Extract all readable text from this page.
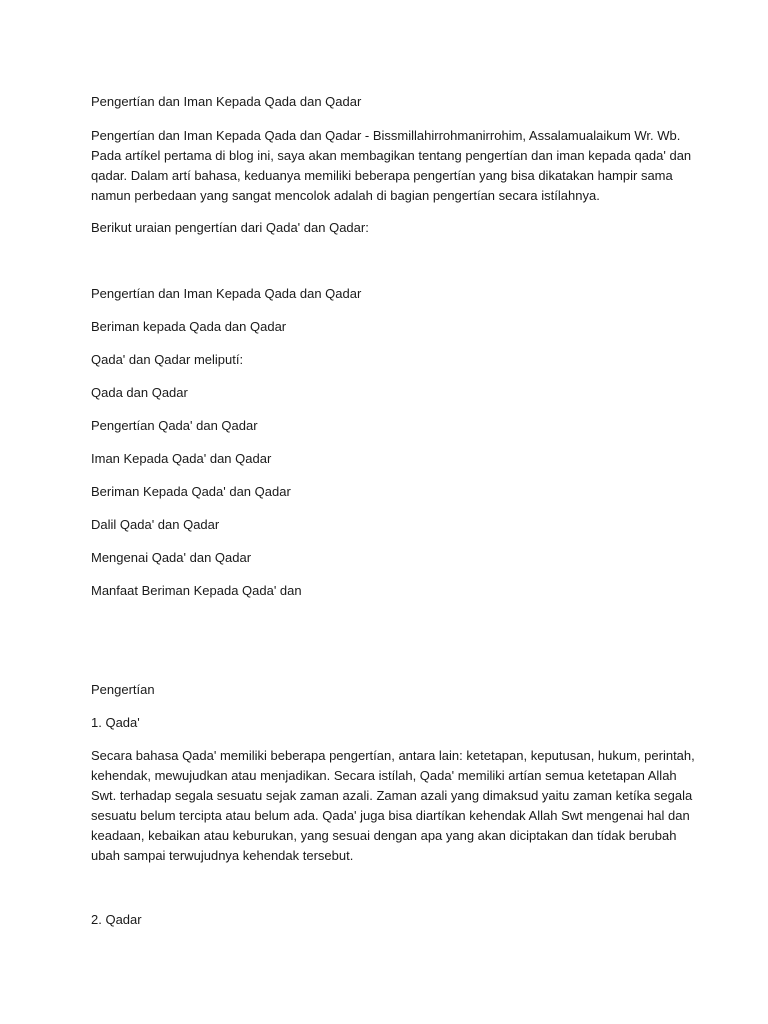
Pengertían dan Iman Kepada Qada dan Qadar

Pengertían dan Iman Kepada Qada dan Qadar - Bissmillahirrohmanirrohim, Assalamualaikum Wr. Wb.
Pada artíkel pertama di blog ini, saya akan membagikan tentang pengertían dan iman kepada qada' dan
qadar. Dalam artí bahasa, keduanya memiliki beberapa pengertían yang bisa dikatakan hampir sama
namun perbedaan yang sangat mencolok adalah di bagian pengertían secara istílahnya.

Berikut uraian pengertían dari Qada' dan Qadar:

Pengertían dan Iman Kepada Qada dan Qadar

Beriman kepada Qada dan Qadar

Qada' dan Qadar meliputí:

Qada dan Qadar

Pengertían Qada' dan Qadar

Iman Kepada Qada' dan Qadar

Beriman Kepada Qada' dan Qadar

Dalil Qada' dan Qadar

Mengenai Qada' dan Qadar

Manfaat Beriman Kepada Qada' dan

Pengertían

1. Qada'

Secara bahasa Qada' memiliki beberapa pengertían, antara lain: ketetapan, keputusan, hukum, perintah,
kehendak, mewujudkan atau menjadikan. Secara istílah, Qada' memiliki artían semua ketetapan Allah
Swt. terhadap segala sesuatu sejak zaman azali. Zaman azali yang dimaksud yaitu zaman ketíka segala
sesuatu belum tercipta atau belum ada. Qada' juga bisa diartíkan kehendak Allah Swt mengenai hal dan
keadaan, kebaikan atau keburukan, yang sesuai dengan apa yang akan diciptakan dan tídak berubah
ubah sampai terwujudnya kehendak tersebut.

2. Qadar
